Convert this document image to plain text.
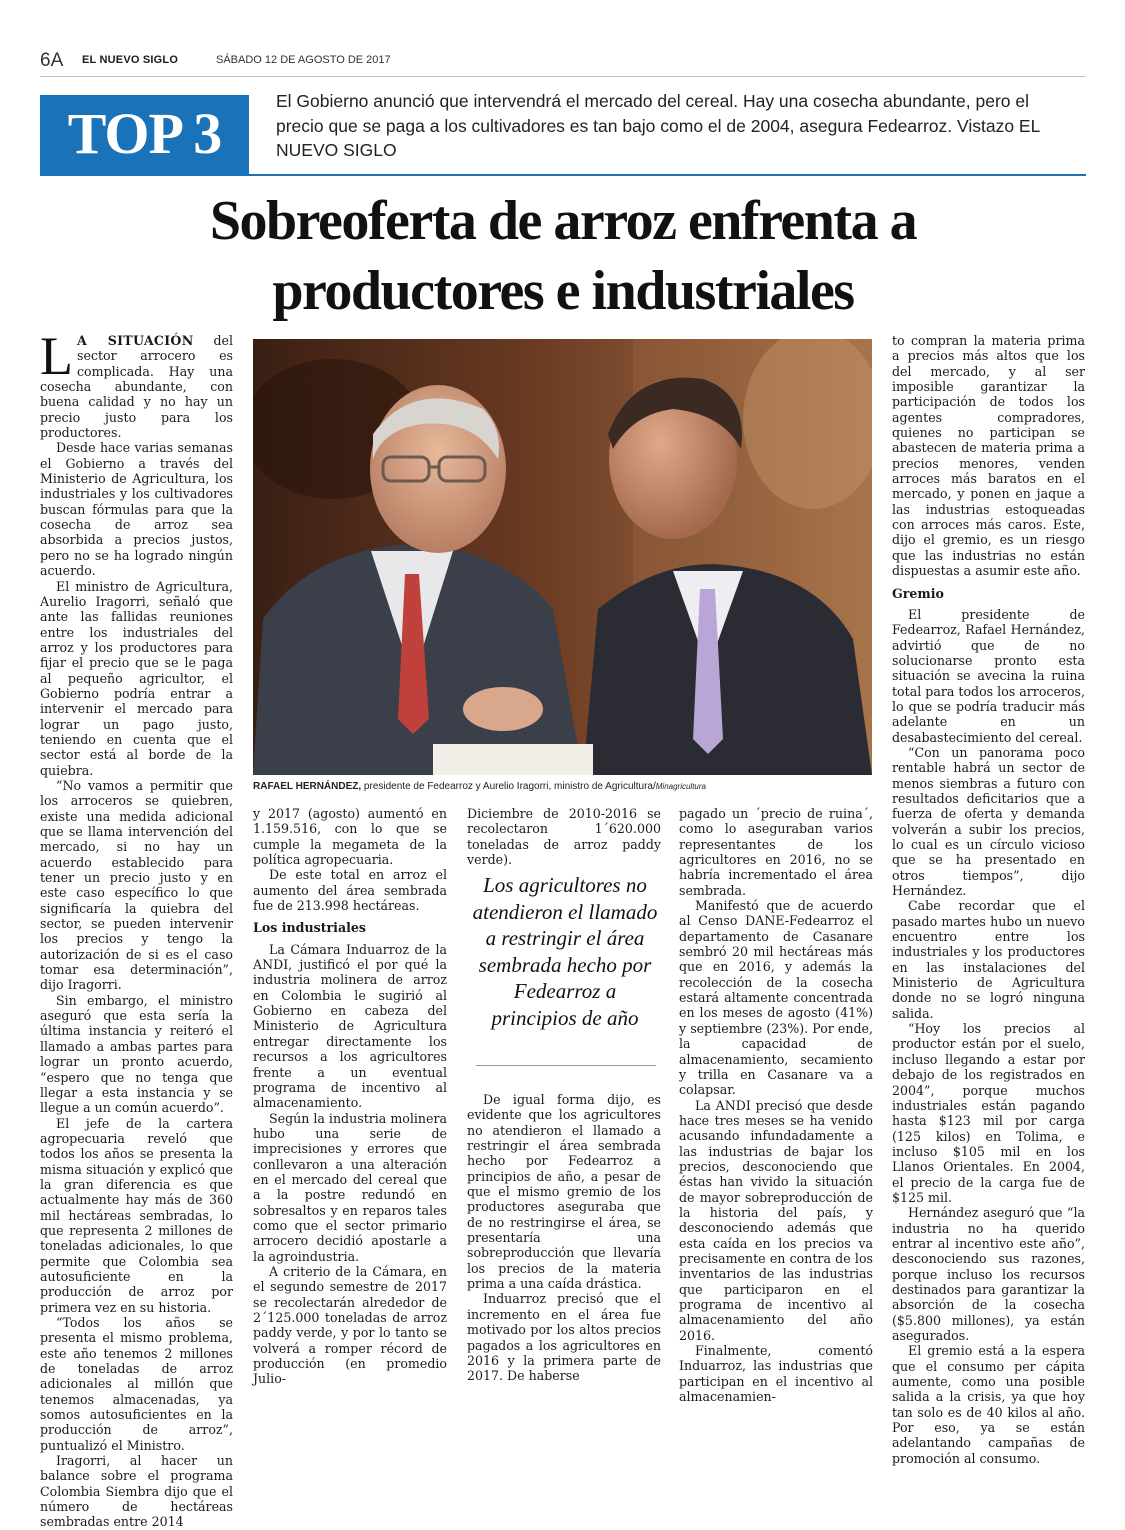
6A EL NUEVO SIGLO	SÁBADO 12 DE AGOSTO DE 2017
TOP 3	El Gobierno anunció que intervendrá el mercado del cereal. Hay una cosecha abundante, pero el precio que se paga a los cultivadores es tan bajo como el de 2004, asegura Fedearroz. Vistazo EL NUEVO SIGLO
Sobreoferta de arroz enfrenta a
productores e industriales

L A SITUACIÓN del sector arrocero es complicada. Hay una cosecha abundante, con buena calidad y no hay un precio justo para los productores.

Desde hace varias semanas el Gobierno a través del Ministerio de Agricultura, los industriales y los cultivadores buscan fórmulas para que la cosecha de arroz sea absorbida a precios justos, pero no se ha logrado ningún acuerdo.

El ministro de Agricultura, Aurelio Iragorri, señaló que ante las fallidas reuniones entre los industriales del arroz y los productores para fijar el precio que se le paga al pequeño agricultor, el Gobierno podría entrar a intervenir el mercado para lograr un pago justo, teniendo en cuenta que el sector está al borde de la quiebra.

“No vamos a permitir que los arroceros se quiebren, existe una medida adicional que se llama intervención del mercado, si no hay un acuerdo establecido para tener un precio justo y en este caso específico lo que significaría la quiebra del sector, se pueden intervenir los precios y tengo la autorización de si es el caso tomar esa determinación”, dijo Iragorri.

Sin embargo, el ministro aseguró que esta sería la última instancia y reiteró el llamado a ambas partes para lograr un pronto acuerdo, “espero que no tenga que llegar a esta instancia y se llegue a un común acuerdo”.

El jefe de la cartera agropecuaria reveló que todos los años se presenta la misma situación y explicó que la gran diferencia es que actualmente hay más de 360 mil hectáreas sembradas, lo que representa 2 millones de toneladas adicionales, lo que permite que Colombia sea autosuficiente en la producción de arroz por primera vez en su historia.

“Todos los años se presenta el mismo problema, este año tenemos 2 millones de toneladas de arroz adicionales al millón que tenemos almacenadas, ya somos autosuficientes en la producción de arroz”, puntualizó el Ministro.

Iragorri, al hacer un balance sobre el programa Colombia Siembra dijo que el número de hectáreas sembradas entre 2014

RAFAEL HERNÁNDEZ, presidente de Fedearroz y Aurelio Iragorri, ministro de Agricultura/Minagricultura

y 2017 (agosto) aumentó en 1.159.516, con lo que se cumple la megameta de la política agropecuaria.

De este total en arroz el aumento del área sembrada fue de 213.998 hectáreas.

Los industriales

La Cámara Induarroz de la ANDI, justificó el por qué la industria molinera de arroz en Colombia le sugirió al Gobierno en cabeza del Ministerio de Agricultura entregar directamente los recursos a los agricultores frente a un eventual programa de incentivo al almacenamiento.

Según la industria molinera hubo una serie de imprecisiones y errores que conllevaron a una alteración en el mercado del cereal que a la postre redundó en sobresaltos y en reparos tales como que el sector primario arrocero decidió apostarle a la agroindustria.

A criterio de la Cámara, en el segundo semestre de 2017 se recolectarán alrededor de 2´125.000 toneladas de arroz paddy verde, y por lo tanto se volverá a romper récord de producción (en promedio Julio-

Diciembre de 2010-2016 se recolectaron 1´620.000 toneladas de arroz paddy verde).

Los agricultores no atendieron el llamado a restringir el área sembrada hecho por Fedearroz a principios de año

De igual forma dijo, es evidente que los agricultores no atendieron el llamado a restringir el área sembrada hecho por Fedearroz a principios de año, a pesar de que el mismo gremio de los productores aseguraba que de no restringirse el área, se presentaría una sobreproducción que llevaría los precios de la materia prima a una caída drástica.

Induarroz precisó que el incremento en el área fue motivado por los altos precios pagados a los agricultores en 2016 y la primera parte de 2017. De haberse

pagado un ´precio de ruina´, como lo aseguraban varios representantes de los agricultores en 2016, no se habría incrementado el área sembrada.

Manifestó que de acuerdo al Censo DANE-Fedearroz el departamento de Casanare sembró 20 mil hectáreas más que en 2016, y además la recolección de la cosecha estará altamente concentrada en los meses de agosto (41%) y septiembre (23%). Por ende, la capacidad de almacenamiento, secamiento y trilla en Casanare va a colapsar.

La ANDI precisó que desde hace tres meses se ha venido acusando infundadamente a las industrias de bajar los precios, desconociendo que éstas han vivido la situación de mayor sobreproducción de la historia del país, y desconociendo además que esta caída en los precios va precisamente en contra de los inventarios de las industrias que participaron en el programa de incentivo al almacenamiento del año 2016.

Finalmente, comentó Induarroz, las industrias que participan en el incentivo al almacenamien-

to compran la materia prima a precios más altos que los del mercado, y al ser imposible garantizar la participación de todos los agentes compradores, quienes no participan se abastecen de materia prima a precios menores, venden arroces más baratos en el mercado, y ponen en jaque a las industrias estoqueadas con arroces más caros. Este, dijo el gremio, es un riesgo que las industrias no están dispuestas a asumir este año.

Gremio

El presidente de Fedearroz, Rafael Hernández, advirtió que de no solucionarse pronto esta situación se avecina la ruina total para todos los arroceros, lo que se podría traducir más adelante en un desabastecimiento del cereal.

“Con un panorama poco rentable habrá un sector de menos siembras a futuro con resultados deficitarios que a fuerza de oferta y demanda volverán a subir los precios, lo cual es un círculo vicioso que se ha presentado en otros tiempos”, dijo Hernández.

Cabe recordar que el pasado martes hubo un nuevo encuentro entre los industriales y los productores en las instalaciones del Ministerio de Agricultura donde no se logró ninguna salida.

“Hoy los precios al productor están por el suelo, incluso llegando a estar por debajo de los registrados en 2004”, porque muchos industriales están pagando hasta $123 mil por carga (125 kilos) en Tolima, e incluso $105 mil en los Llanos Orientales. En 2004, el precio de la carga fue de $125 mil.

Hernández aseguró que “la industria no ha querido entrar al incentivo este año”, desconociendo sus razones, porque incluso los recursos destinados para garantizar la absorción de la cosecha ($5.800 millones), ya están asegurados.

El gremio está a la espera que el consumo per cápita aumente, como una posible salida a la crisis, ya que hoy tan solo es de 40 kilos al año. Por eso, ya se están adelantando campañas de promoción al consumo.
